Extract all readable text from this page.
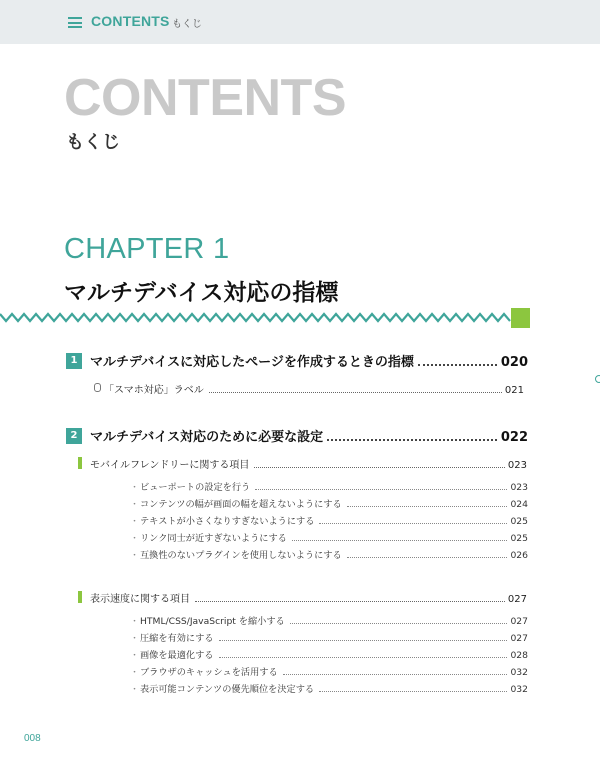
CONTENTS もくじ
CONTENTS
もくじ
CHAPTER 1
マルチデバイス対応の指標
1 マルチデバイスに対応したページを作成するときの指標	020
「スマホ対応」ラベル	021
2 マルチデバイス対応のために必要な設定	022
モバイルフレンドリーに関する項目	023
・ ビューポートの設定を行う	023
・ コンテンツの幅が画面の幅を超えないようにする	024
・ テキストが小さくなりすぎないようにする	025
・ リンク同士が近すぎないようにする	025
・ 互換性のないプラグインを使用しないようにする	026
表示速度に関する項目	027
・ HTML/CSS/JavaScript を縮小する	027
・ 圧縮を有効にする	027
・ 画像を最適化する	028
・ ブラウザのキャッシュを活用する	032
・ 表示可能コンテンツの優先順位を決定する	032
008
